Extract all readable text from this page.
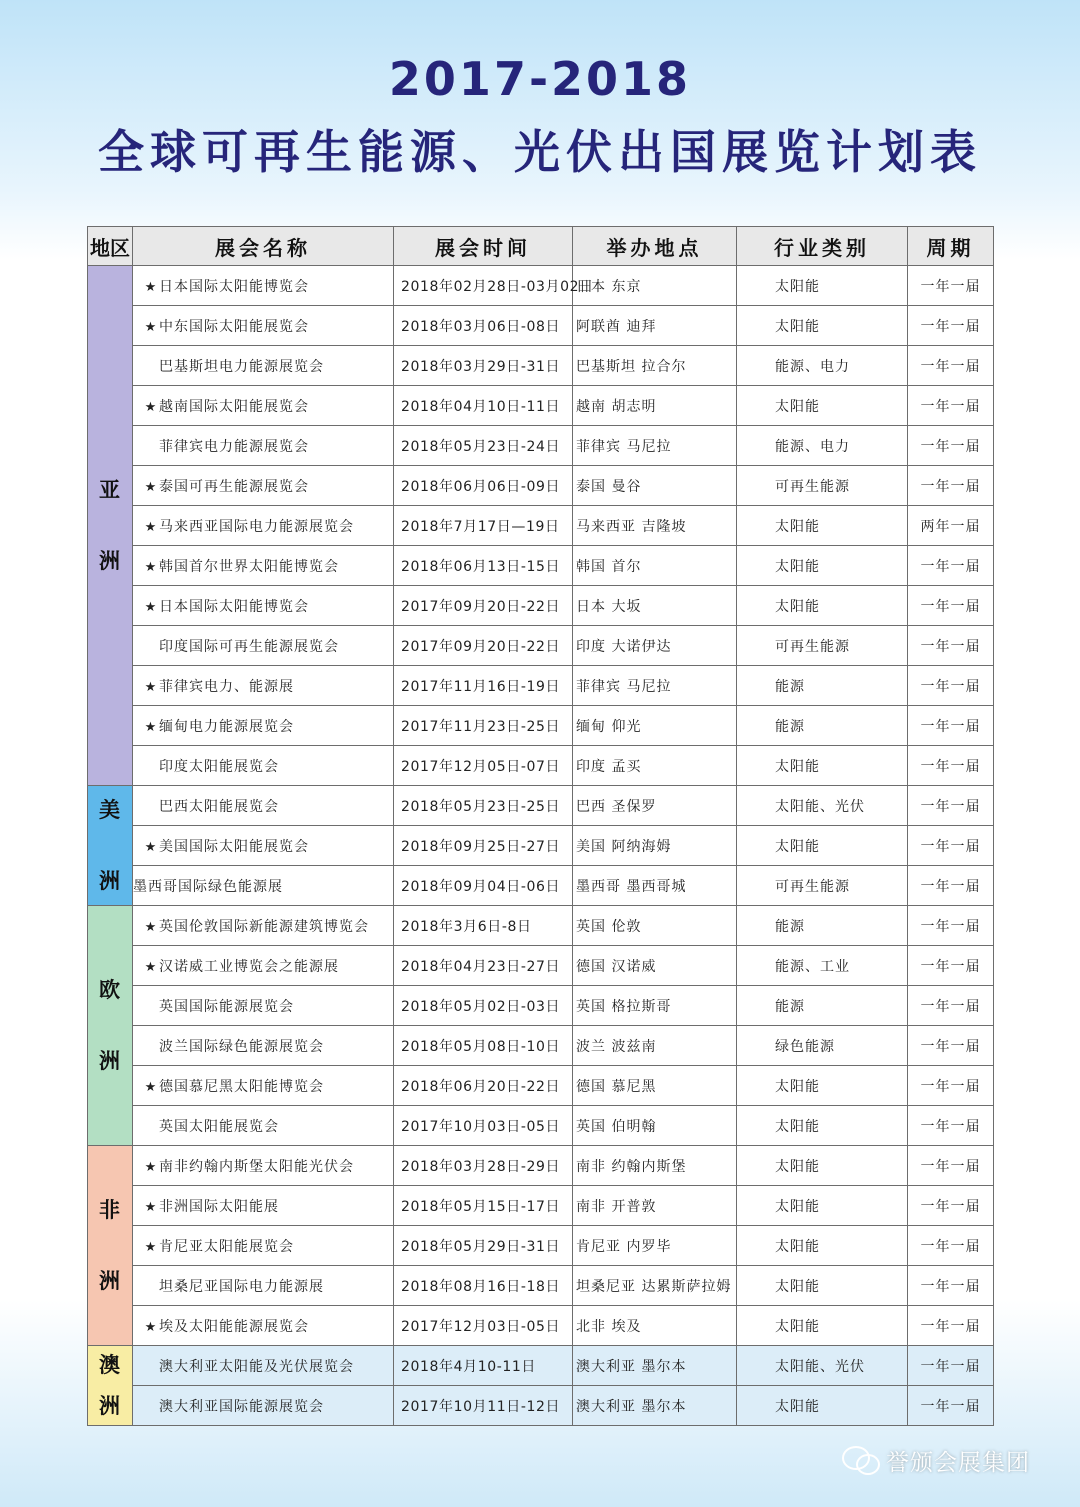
2017-2018
全球可再生能源、光伏出国展览计划表
地区	展会名称	展会时间	举办地点	行业类别	周期
亚
洲	★ 日本国际太阳能博览会	2018年02月28日-03月02日	日本 东京	太阳能	一年一届
	★ 中东国际太阳能展览会	2018年03月06日-08日	阿联酋 迪拜	太阳能	一年一届
	巴基斯坦电力能源展览会	2018年03月29日-31日	巴基斯坦 拉合尔	能源、电力	一年一届
	★ 越南国际太阳能展览会	2018年04月10日-11日	越南 胡志明	太阳能	一年一届
	菲律宾电力能源展览会	2018年05月23日-24日	菲律宾 马尼拉	能源、电力	一年一届
	★ 泰国可再生能源展览会	2018年06月06日-09日	泰国 曼谷	可再生能源	一年一届
	★ 马来西亚国际电力能源展览会	2018年7月17日—19日	马来西亚 吉隆坡	太阳能	两年一届
	★ 韩国首尔世界太阳能博览会	2018年06月13日-15日	韩国 首尔	太阳能	一年一届
	★ 日本国际太阳能博览会	2017年09月20日-22日	日本 大坂	太阳能	一年一届
	印度国际可再生能源展览会	2017年09月20日-22日	印度 大诺伊达	可再生能源	一年一届
	★ 菲律宾电力、能源展	2017年11月16日-19日	菲律宾 马尼拉	能源	一年一届
	★ 缅甸电力能源展览会	2017年11月23日-25日	缅甸 仰光	能源	一年一届
	印度太阳能展览会	2017年12月05日-07日	印度 孟买	太阳能	一年一届
美
洲	巴西太阳能展览会	2018年05月23日-25日	巴西 圣保罗	太阳能、光伏	一年一届
	★ 美国国际太阳能展览会	2018年09月25日-27日	美国 阿纳海姆	太阳能	一年一届
	墨西哥国际绿色能源展	2018年09月04日-06日	墨西哥 墨西哥城	可再生能源	一年一届
欧
洲	★ 英国伦敦国际新能源建筑博览会	2018年3月6日-8日	英国 伦敦	能源	一年一届
	★ 汉诺威工业博览会之能源展	2018年04月23日-27日	德国 汉诺威	能源、工业	一年一届
	英国国际能源展览会	2018年05月02日-03日	英国 格拉斯哥	能源	一年一届
	波兰国际绿色能源展览会	2018年05月08日-10日	波兰 波兹南	绿色能源	一年一届
	★ 德国慕尼黑太阳能博览会	2018年06月20日-22日	德国 慕尼黑	太阳能	一年一届
	英国太阳能展览会	2017年10月03日-05日	英国 伯明翰	太阳能	一年一届
非
洲	★ 南非约翰内斯堡太阳能光伏会	2018年03月28日-29日	南非 约翰内斯堡	太阳能	一年一届
	★ 非洲国际太阳能展	2018年05月15日-17日	南非 开普敦	太阳能	一年一届
	★ 肯尼亚太阳能展览会	2018年05月29日-31日	肯尼亚 内罗毕	太阳能	一年一届
	坦桑尼亚国际电力能源展	2018年08月16日-18日	坦桑尼亚 达累斯萨拉姆	太阳能	一年一届
	★ 埃及太阳能能源展览会	2017年12月03日-05日	北非 埃及	太阳能	一年一届
澳
洲	澳大利亚太阳能及光伏展览会	2018年4月10-11日	澳大利亚 墨尔本	太阳能、光伏	一年一届
	澳大利亚国际能源展览会	2017年10月11日-12日	澳大利亚 墨尔本	太阳能	一年一届
誉颁会展集团
